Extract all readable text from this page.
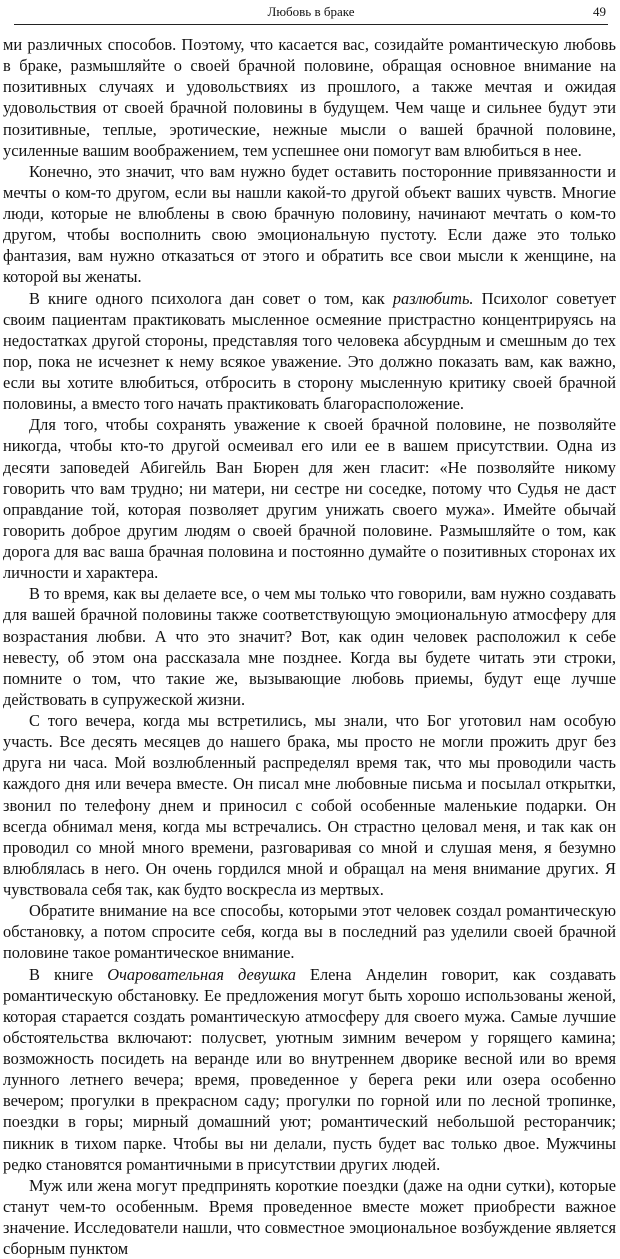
Любовь в браке	49

ми различных способов. Поэтому, что касается вас, созидайте романтическую любовь в браке, размышляйте о своей брачной половине, обращая основное внимание на позитивных случаях и удовольствиях из прошлого, а также мечтая и ожидая удовольствия от своей брачной половины в будущем. Чем чаще и сильнее будут эти позитивные, теплые, эротические, нежные мысли о вашей брачной половине, усиленные вашим воображением, тем успешнее они помогут вам влюбиться в нее.

Конечно, это значит, что вам нужно будет оставить посторонние привязанности и мечты о ком-то другом, если вы нашли какой-то другой объект ваших чувств. Многие люди, которые не влюблены в свою брачную половину, начинают мечтать о ком-то другом, чтобы восполнить свою эмоциональную пустоту. Если даже это только фантазия, вам нужно отказаться от этого и обратить все свои мысли к женщине, на которой вы женаты.

В книге одного психолога дан совет о том, как разлюбить. Психолог советует своим пациентам практиковать мысленное осмеяние пристрастно концентрируясь на недостатках другой стороны, представляя того человека абсурдным и смешным до тех пор, пока не исчезнет к нему всякое уважение. Это должно показать вам, как важно, если вы хотите влюбиться, отбросить в сторону мысленную критику своей брачной половины, а вместо того начать практиковать благорасположение.

Для того, чтобы сохранять уважение к своей брачной половине, не позволяйте никогда, чтобы кто-то другой осмеивал его или ее в вашем присутствии. Одна из десяти заповедей Абигейль Ван Бюрен для жен гласит: «Не позволяйте никому говорить что вам трудно; ни матери, ни сестре ни соседке, потому что Судья не даст оправдание той, которая позволяет другим унижать своего мужа». Имейте обычай говорить доброе другим людям о своей брачной половине. Размышляйте о том, как дорога для вас ваша брачная половина и постоянно думайте о позитивных сторонах их личности и характера.

В то время, как вы делаете все, о чем мы только что говорили, вам нужно создавать для вашей брачной половины также соответствующую эмоциональную атмосферу для возрастания любви. А что это значит? Вот, как один человек расположил к себе невесту, об этом она рассказала мне позднее. Когда вы будете читать эти строки, помните о том, что такие же, вызывающие любовь приемы, будут еще лучше действовать в супружеской жизни.

С того вечера, когда мы встретились, мы знали, что Бог уготовил нам особую участь. Все десять месяцев до нашего брака, мы просто не могли прожить друг без друга ни часа. Мой возлюбленный распределял время так, что мы проводили часть каждого дня или вечера вместе. Он писал мне любовные письма и посылал открытки, звонил по телефону днем и приносил с собой особенные маленькие подарки. Он всегда обнимал меня, когда мы встречались. Он страстно целовал меня, и так как он проводил со мной много времени, разговаривая со мной и слушая меня, я безумно влюблялась в него. Он очень гордился мной и обращал на меня внимание других. Я чувствовала себя так, как будто воскресла из мертвых.

Обратите внимание на все способы, которыми этот человек создал романтическую обстановку, а потом спросите себя, когда вы в последний раз уделили своей брачной половине такое романтическое внимание.

В книге Очаровательная девушка Елена Анделин говорит, как создавать романтическую обстановку. Ее предложения могут быть хорошо использованы женой, которая старается создать романтическую атмосферу для своего мужа. Самые лучшие обстоятельства включают: полусвет, уютным зимним вечером у горящего камина; возможность посидеть на веранде или во внутреннем дворике весной или во время лунного летнего вечера; время, проведенное у берега реки или озера особенно вечером; прогулки в прекрасном саду; прогулки по горной или по лесной тропинке, поездки в горы; мирный домашний уют; романтический небольшой ресторанчик; пикник в тихом парке. Чтобы вы ни делали, пусть будет вас только двое. Мужчины редко становятся романтичными в присутствии других людей.

Муж или жена могут предпринять короткие поездки (даже на одни сутки), которые станут чем-то особенным. Время проведенное вместе может приобрести важное значение. Исследователи нашли, что совместное эмоциональное возбуждение является сборным пунктом
